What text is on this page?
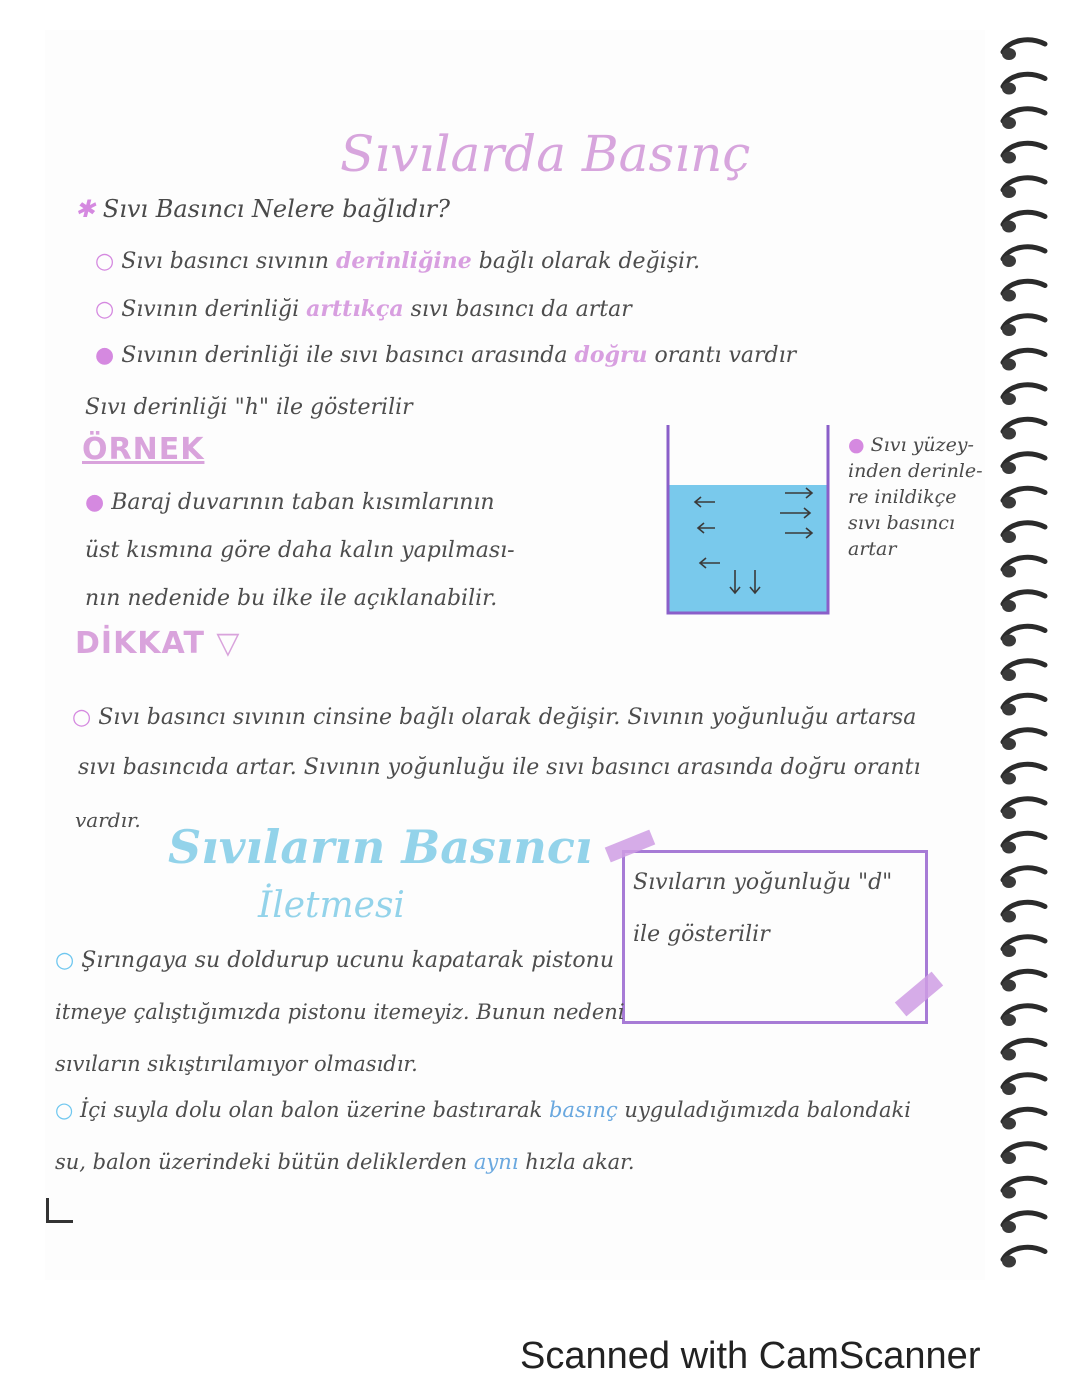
Sıvılarda Basınç
✱ Sıvı Basıncı Nelere bağlıdır?
○ Sıvı basıncı sıvının derinliğine bağlı olarak değişir.
○ Sıvının derinliği arttıkça sıvı basıncı da artar
● Sıvının derinliği ile sıvı basıncı arasında doğru orantı vardır
Sıvı derinliği "h" ile gösterilir
ÖRNEK
● Baraj duvarının taban kısımlarının
üst kısmına göre daha kalın yapılması-
nın nedenide bu ilke ile açıklanabilir.
● Sıvı yüzey-
inden derinle-
re inildikçe
sıvı basıncı
artar
DİKKAT ▽
○ Sıvı basıncı sıvının cinsine bağlı olarak değişir. Sıvının yoğunluğu artarsa
sıvı basıncıda artar. Sıvının yoğunluğu ile sıvı basıncı arasında doğru orantı
vardır. Sıvıların Basıncı
İletmesi
Sıvıların yoğunluğu "d"
ile gösterilir
○ Şırıngaya su doldurup ucunu kapatarak pistonu
itmeye çalıştığımızda pistonu itemeyiz. Bunun nedeni
sıvıların sıkıştırılamıyor olmasıdır.
○ İçi suyla dolu olan balon üzerine bastırarak basınç uyguladığımızda balondaki
su, balon üzerindeki bütün deliklerden aynı hızla akar.
Scanned with CamScanner
